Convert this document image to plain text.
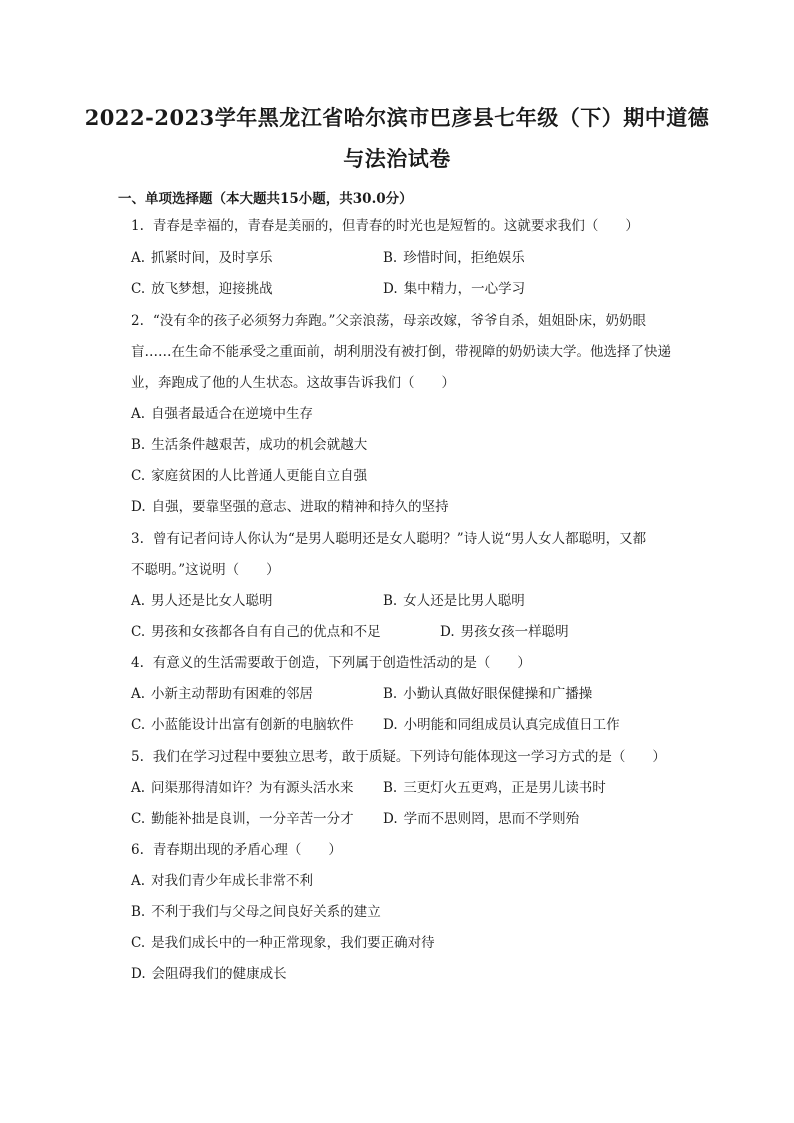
2022-2023学年黑龙江省哈尔滨市巴彦县七年级（下）期中道德
与法治试卷
一、单项选择题（本大题共15小题，共30.0分）
1. 青春是幸福的，青春是美丽的，但青春的时光也是短暂的。这就要求我们（　　）
A. 抓紧时间，及时享乐	B. 珍惜时间，拒绝娱乐
C. 放飞梦想，迎接挑战	D. 集中精力，一心学习
2. “没有伞的孩子必须努力奔跑。”父亲浪荡，母亲改嫁，爷爷自杀，姐姐卧床，奶奶眼
盲……在生命不能承受之重面前，胡利朋没有被打倒，带视障的奶奶读大学。他选择了快递
业，奔跑成了他的人生状态。这故事告诉我们（　　）
A. 自强者最适合在逆境中生存
B. 生活条件越艰苦，成功的机会就越大
C. 家庭贫困的人比普通人更能自立自强
D. 自强，要靠坚强的意志、进取的精神和持久的坚持
3. 曾有记者问诗人你认为“是男人聪明还是女人聪明？”诗人说“男人女人都聪明，又都
不聪明。”这说明（　　）
A. 男人还是比女人聪明	B. 女人还是比男人聪明
C. 男孩和女孩都各自有自己的优点和不足	D. 男孩女孩一样聪明
4. 有意义的生活需要敢于创造，下列属于创造性活动的是（　　）
A. 小新主动帮助有困难的邻居	B. 小勤认真做好眼保健操和广播操
C. 小蓝能设计出富有创新的电脑软件 D. 小明能和同组成员认真完成值日工作
5. 我们在学习过程中要独立思考，敢于质疑。下列诗句能体现这一学习方式的是（　　）
A. 问渠那得清如许？为有源头活水来 B. 三更灯火五更鸡，正是男儿读书时
C. 勤能补拙是良训，一分辛苦一分才 D. 学而不思则罔，思而不学则殆
6. 青春期出现的矛盾心理（　　）
A. 对我们青少年成长非常不利
B. 不利于我们与父母之间良好关系的建立
C. 是我们成长中的一种正常现象，我们要正确对待
D. 会阻碍我们的健康成长
